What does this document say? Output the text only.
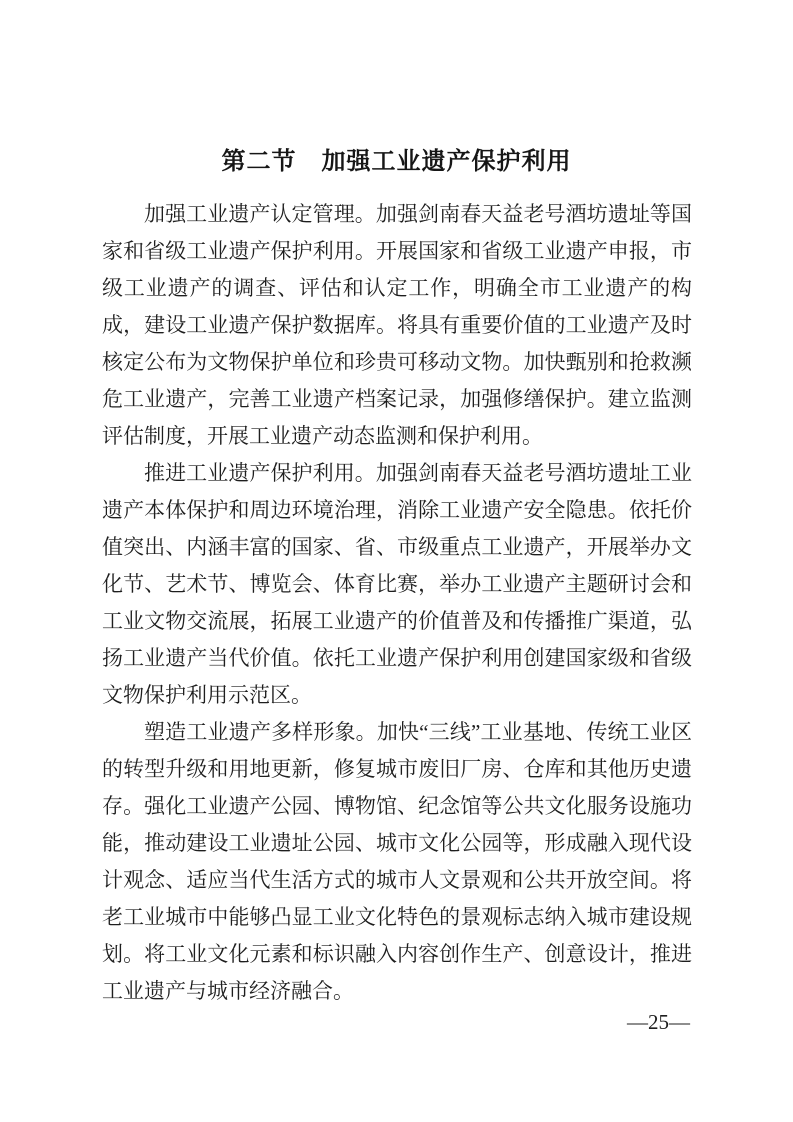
第二节　加强工业遗产保护利用

加强工业遗产认定管理。加强剑南春天益老号酒坊遗址等国家和省级工业遗产保护利用。开展国家和省级工业遗产申报，市级工业遗产的调查、评估和认定工作，明确全市工业遗产的构成，建设工业遗产保护数据库。将具有重要价值的工业遗产及时核定公布为文物保护单位和珍贵可移动文物。加快甄别和抢救濒危工业遗产，完善工业遗产档案记录，加强修缮保护。建立监测评估制度，开展工业遗产动态监测和保护利用。

推进工业遗产保护利用。加强剑南春天益老号酒坊遗址工业遗产本体保护和周边环境治理，消除工业遗产安全隐患。依托价值突出、内涵丰富的国家、省、市级重点工业遗产，开展举办文化节、艺术节、博览会、体育比赛，举办工业遗产主题研讨会和工业文物交流展，拓展工业遗产的价值普及和传播推广渠道，弘扬工业遗产当代价值。依托工业遗产保护利用创建国家级和省级文物保护利用示范区。

塑造工业遗产多样形象。加快“三线”工业基地、传统工业区的转型升级和用地更新，修复城市废旧厂房、仓库和其他历史遗存。强化工业遗产公园、博物馆、纪念馆等公共文化服务设施功能，推动建设工业遗址公园、城市文化公园等，形成融入现代设计观念、适应当代生活方式的城市人文景观和公共开放空间。将老工业城市中能够凸显工业文化特色的景观标志纳入城市建设规划。将工业文化元素和标识融入内容创作生产、创意设计，推进工业遗产与城市经济融合。

—25—
